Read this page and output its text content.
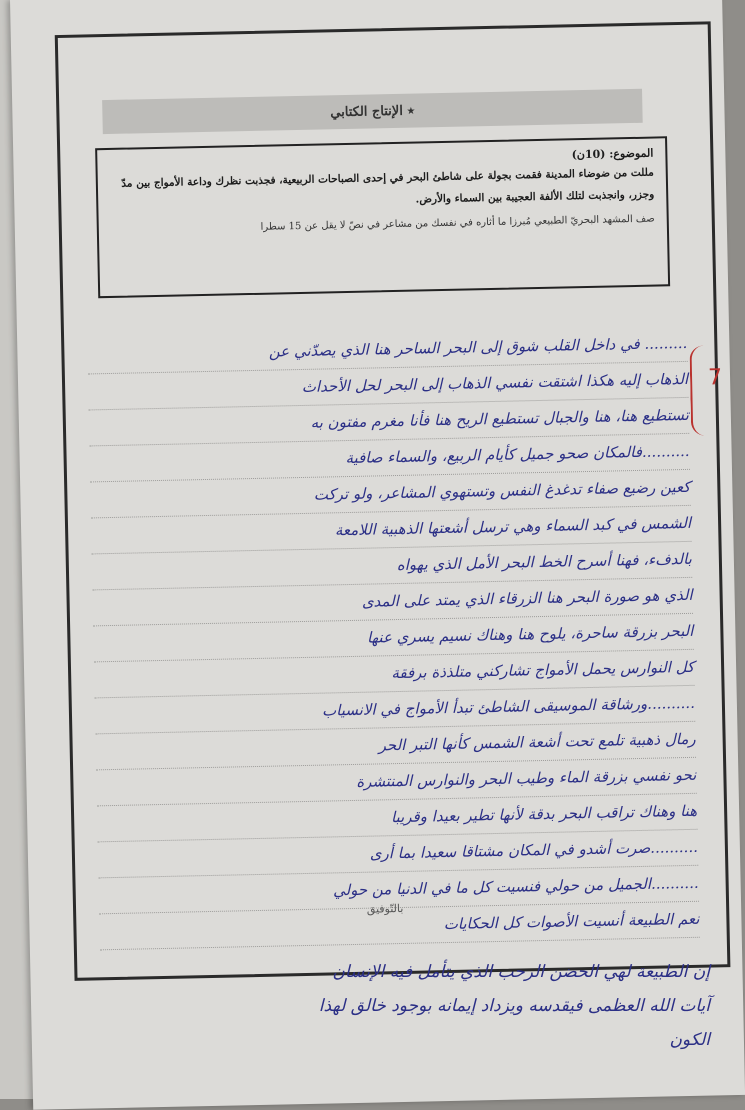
٭ الإنتاج الكتابي
الموضوع: (10ن)
مللت من ضوضاء المدينة فقمت بجولة على شاطئ البحر في إحدى الصباحات الربيعية، فجذبت نظرك وداعة الأمواج بين مدّ وجزر، وانجذبت لتلك الألفة العجيبة بين السماء والأرض.
صف المشهد البحريّ الطبيعي مُبرزا ما أثاره في نفسك من مشاعر في نصّ لا يقل عن 15 سطرا
7
......... في داخل القلب شوق إلى البحر الساحر هنا الذي يصدّني عن
الذهاب إليه هكذا اشتقت نفسي الذهاب إلى البحر لحل الأحداث
تستطيع هنا، هنا والجبال تستطيع الريح هنا فأنا مغرم مفتون به
..........فالمكان صحو جميل كأيام الربيع، والسماء صافية
كعين رضيع صفاء تدغدغ النفس وتستهوي المشاعر، ولو تركت
الشمس في كبد السماء وهي ترسل أشعتها الذهبية اللامعة
بالدفء، فهنا أسرح الخط البحر الأمل الذي يهواه
الذي هو صورة البحر هنا الزرقاء الذي يمتد على المدى
البحر بزرقة ساحرة، يلوح هنا وهناك نسيم يسري عنها
كل النوارس يحمل الأمواج تشاركني متلذذة برفقة
..........ورشاقة الموسيقى الشاطئ تبدأ الأمواج في الانسياب
رمال ذهبية تلمع تحت أشعة الشمس كأنها التبر الحر
نحو نفسي بزرقة الماء وطيب البحر والنوارس المنتشرة
هنا وهناك تراقب البحر بدقة لأنها تطير بعيدا وقريبا
..........صرت أشدو في المكان مشتاقا سعيدا بما أرى
..........الجميل من حولي فنسيت كل ما في الدنيا من حولي
نعم الطبيعة أنسيت الأصوات كل الحكايات
بالتّوفيق
إن الطبيعة لهي الحضن الرحب الذي يتأمل فيه الإنسان
آيات الله العظمى فيقدسه ويزداد إيمانه بوجود خالق لهذا
الكون
